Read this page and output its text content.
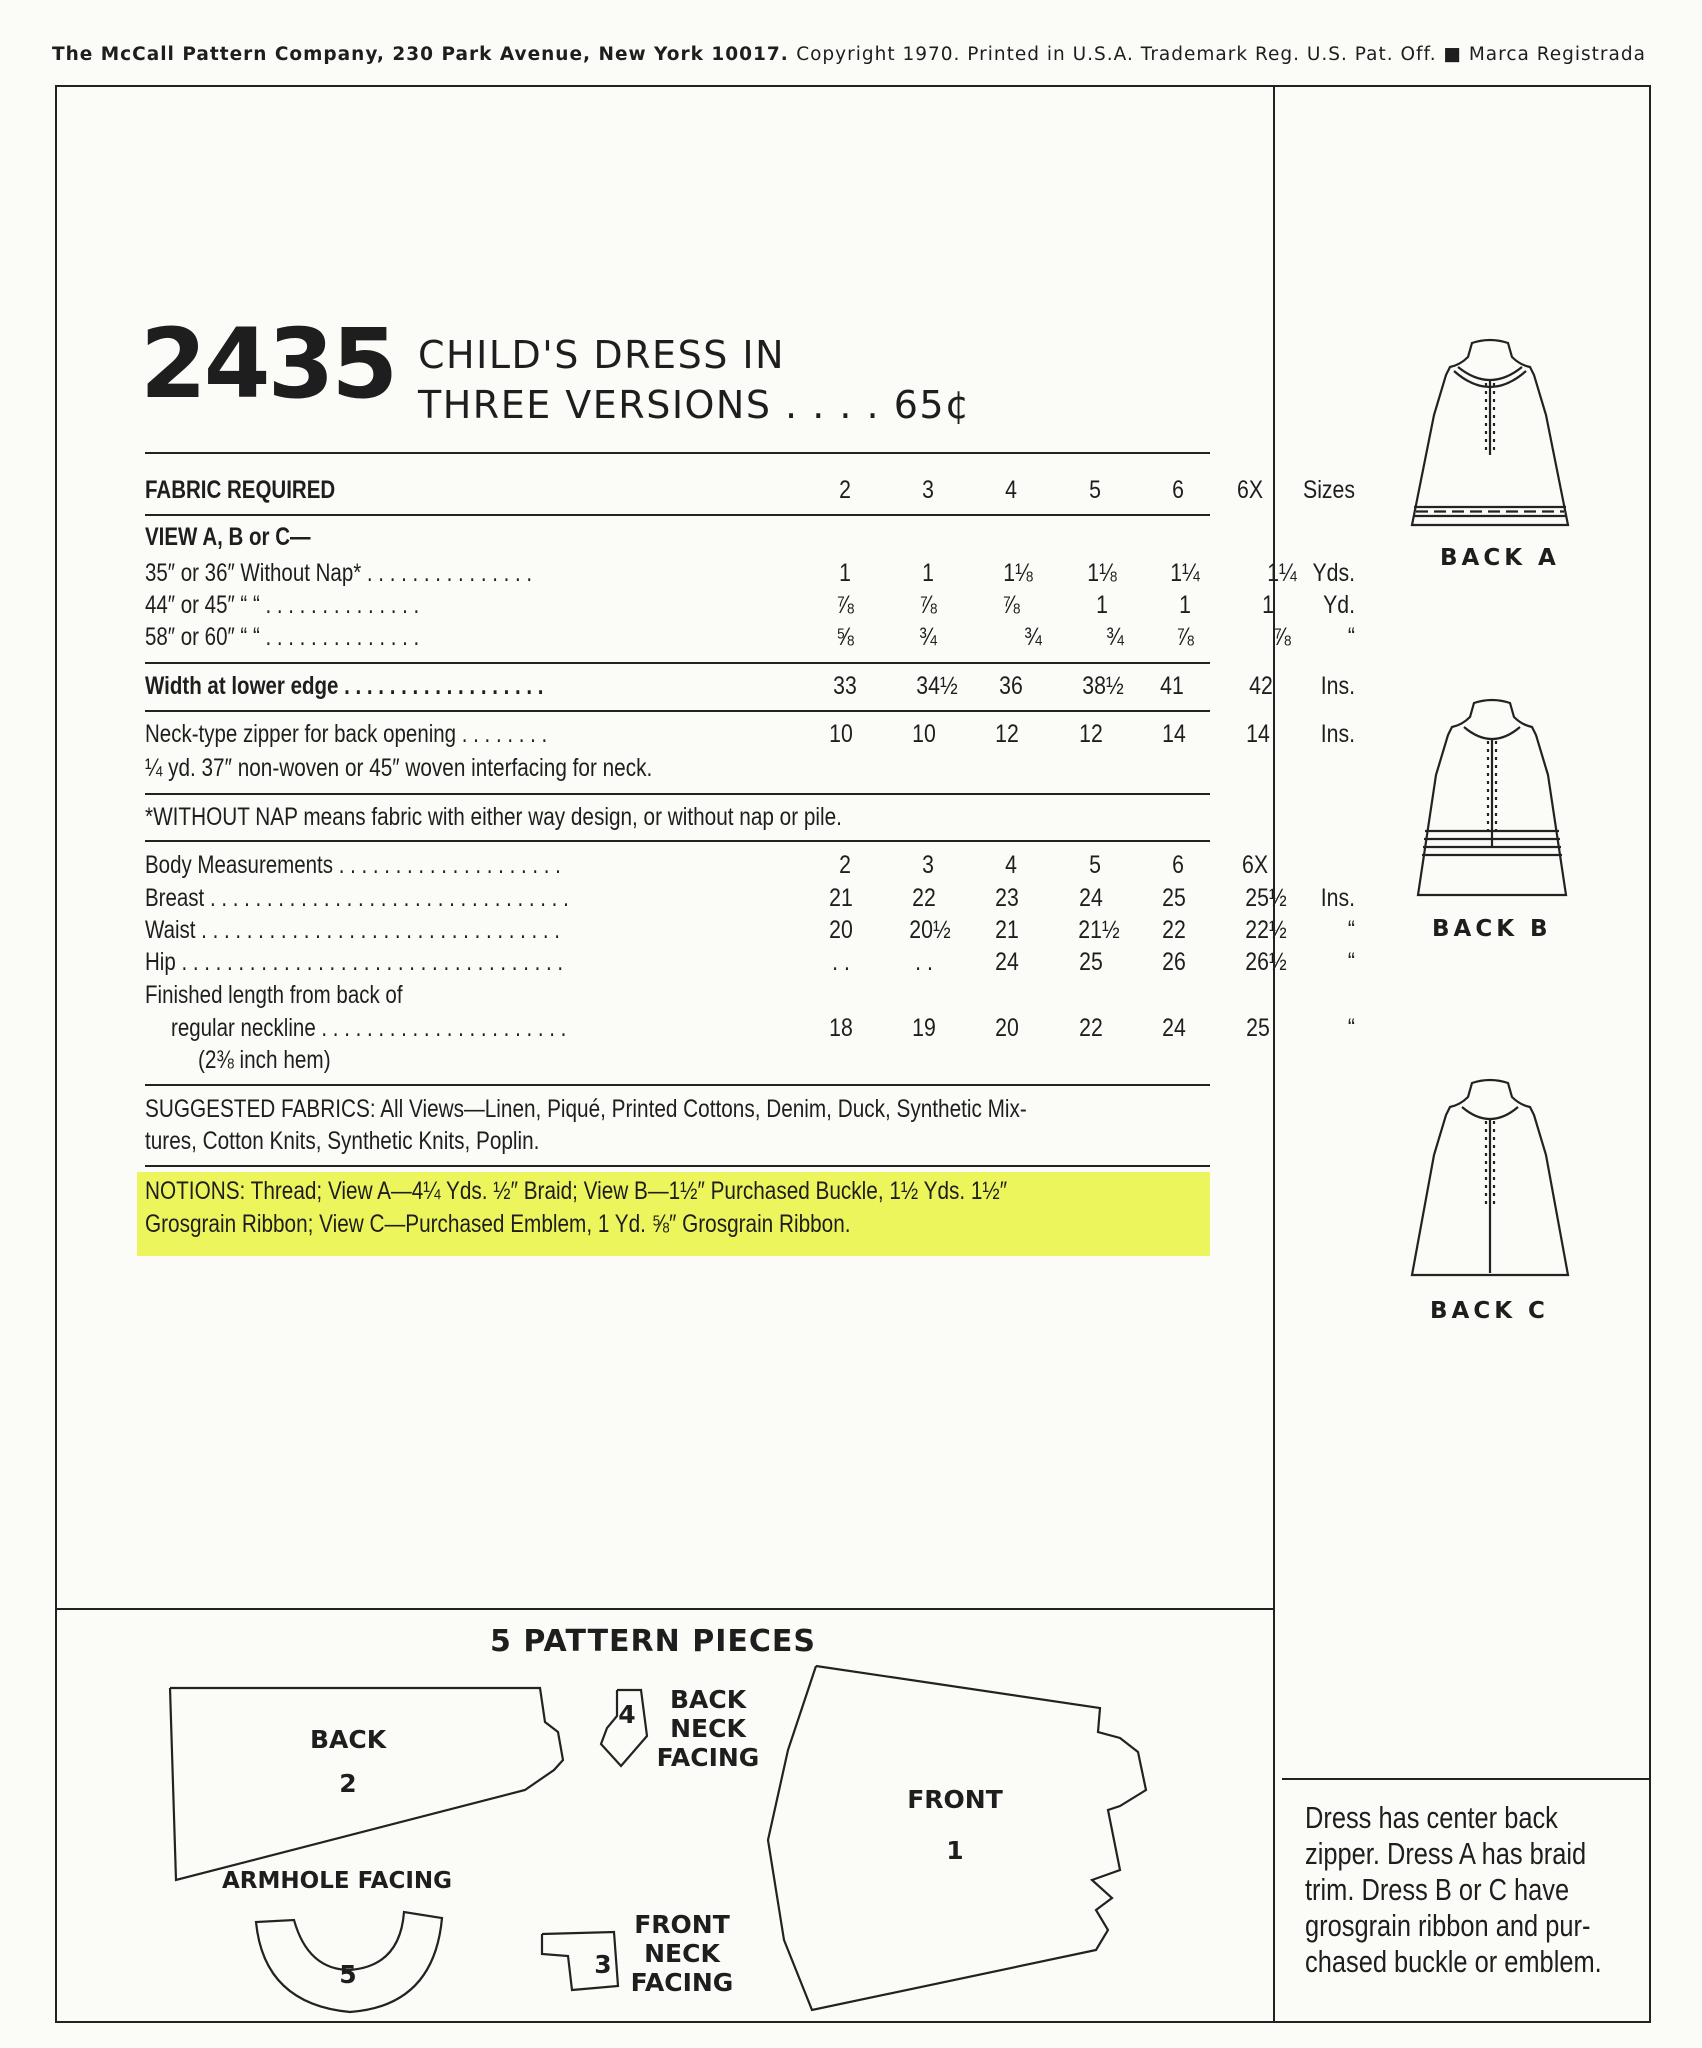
The McCall Pattern Company, 230 Park Avenue, New York 10017. Copyright 1970. Printed in U.S.A. Trademark Reg. U.S. Pat. Off. ■ Marca Registrada
2435 CHILD'S DRESS IN
THREE VERSIONS . . . . 65¢
FABRIC REQUIRED	2	3	4	5	6	6X	Sizes
VIEW A, B or C—
35″ or 36″ Without Nap* . . . . . . . . . . . . . . .	1	1	1⅛	1⅛	1¼	1¼ Yds.
44″ or 45″ “ “ . . . . . . . . . . . . . .	⅞	⅞	⅞	1	1	1	Yd.
58″ or 60″ “ “ . . . . . . . . . . . . . .	⅝	¾	¾	¾	⅞	⅞	“
Width at lower edge . . . . . . . . . . . . . . . . . .	33	34½	36	38½	41	42	Ins.
Neck-type zipper for back opening . . . . . . . .	10	10	12	12	14	14	Ins.
¼ yd. 37″ non-woven or 45″ woven interfacing for neck.
*WITHOUT NAP means fabric with either way design, or without nap or pile.
Body Measurements . . . . . . . . . . . . . . . . . . . .	2	3	4	5	6	6X
Breast . . . . . . . . . . . . . . . . . . . . . . . . . . . . . . . .	21	22	23	24	25	25½	Ins.
Waist . . . . . . . . . . . . . . . . . . . . . . . . . . . . . . . .	20	20½	21	21½	22	22½	“
Hip . . . . . . . . . . . . . . . . . . . . . . . . . . . . . . . . . .	. .	. .	24	25	26	26½	“
Finished length from back of
regular neckline . . . . . . . . . . . . . . . . . . . . . .	18	19	20	22	24	25	“
(2⅜ inch hem)
SUGGESTED FABRICS: All Views—Linen, Piqué, Printed Cottons, Denim, Duck, Synthetic Mix-
tures, Cotton Knits, Synthetic Knits, Poplin.
NOTIONS: Thread; View A—4¼ Yds. ½″ Braid; View B—1½″ Purchased Buckle, 1½ Yds. 1½″
Grosgrain Ribbon; View C—Purchased Emblem, 1 Yd. ⅝″ Grosgrain Ribbon.
BACK A
BACK B
BACK C
5 PATTERN PIECES
BACK
2
4
BACK
NECK
FACING
FRONT
1
ARMHOLE FACING
5	3
FRONT
NECK
FACING
Dress has center back
zipper. Dress A has braid
trim. Dress B or C have
grosgrain ribbon and pur-
chased buckle or emblem.
